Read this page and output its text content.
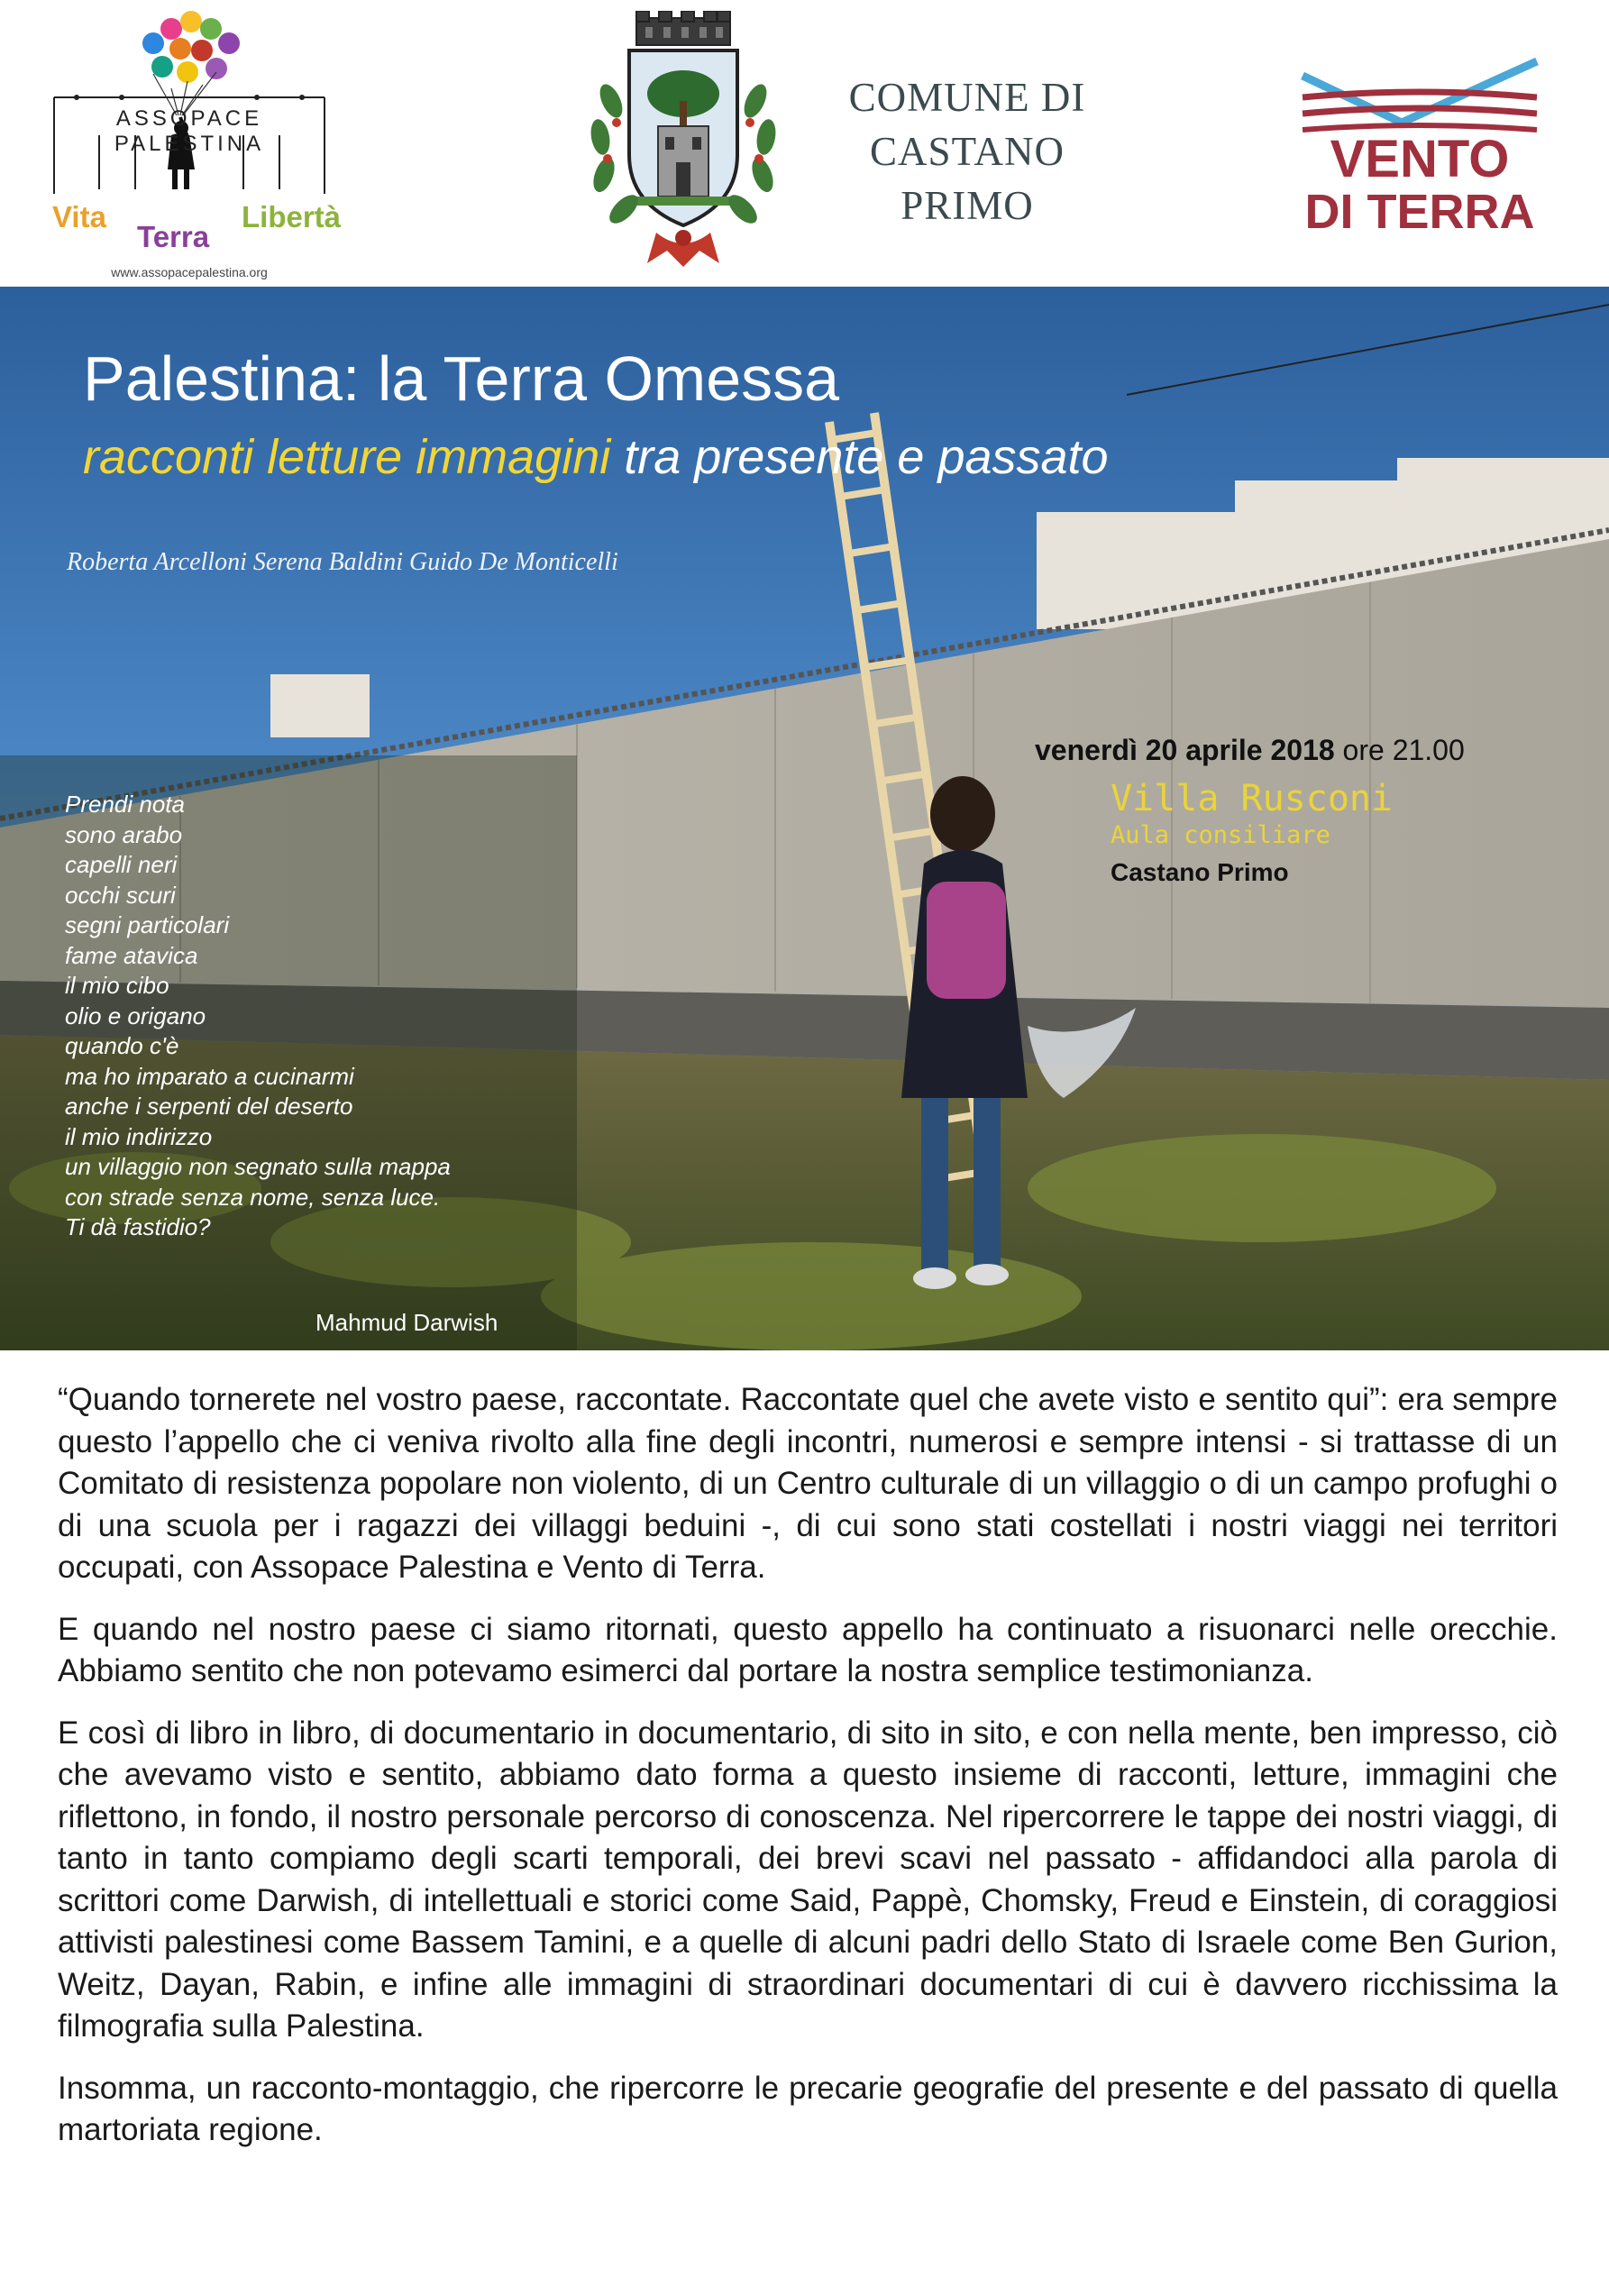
ASSOPACE PALESTINA
Vita
Terra
Libertà
www.assopacepalestina.org
COMUNE DI
CASTANO
PRIMO
VENTO
DI TERRA
Palestina: la Terra Omessa
racconti letture immagini tra presente e passato
Roberta Arcelloni Serena Baldini Guido De Monticelli
venerdì 20 aprile 2018 ore 21.00
Villa Rusconi
Aula consiliare
Castano Primo
Prendi nota
sono arabo
capelli neri
occhi scuri
segni particolari
fame atavica
il mio cibo
olio e origano
quando c'è
ma ho imparato a cucinarmi
anche i serpenti del deserto
il mio indirizzo
un villaggio non segnato sulla mappa
con strade senza nome, senza luce.
Ti dà fastidio?
Mahmud Darwish

“Quando tornerete nel vostro paese, raccontate. Raccontate quel che avete visto e sentito qui”: era sempre questo l’appello che ci veniva rivolto alla fine degli incontri, numerosi e sempre intensi - si trattasse di un Comitato di resistenza popolare non violento, di un Centro culturale di un villaggio o di un campo profughi o di una scuola per i ragazzi dei villaggi beduini -, di cui sono stati costellati i nostri viaggi nei territori occupati, con Assopace Palestina e Vento di Terra.

E quando nel nostro paese ci siamo ritornati, questo appello ha continuato a risuonarci nelle orecchie. Abbiamo sentito che non potevamo esimerci dal portare la nostra semplice testimonianza.

E così di libro in libro, di documentario in documentario, di sito in sito, e con nella mente, ben impresso, ciò che avevamo visto e sentito, abbiamo dato forma a questo insieme di racconti, letture, immagini che riflettono, in fondo, il nostro personale percorso di conoscenza. Nel ripercorrere le tappe dei nostri viaggi, di tanto in tanto compiamo degli scarti temporali, dei brevi scavi nel passato - affidandoci alla parola di scrittori come Darwish, di intellettuali e storici come Said, Pappè, Chomsky, Freud e Einstein, di coraggiosi attivisti palestinesi come Bassem Tamini, e a quelle di alcuni padri dello Stato di Israele come Ben Gurion, Weitz, Dayan, Rabin, e infine alle immagini di straordinari documentari di cui è davvero ricchissima la filmografia sulla Palestina.

Insomma, un racconto-montaggio, che ripercorre le precarie geografie del presente e del passato di quella martoriata regione.
